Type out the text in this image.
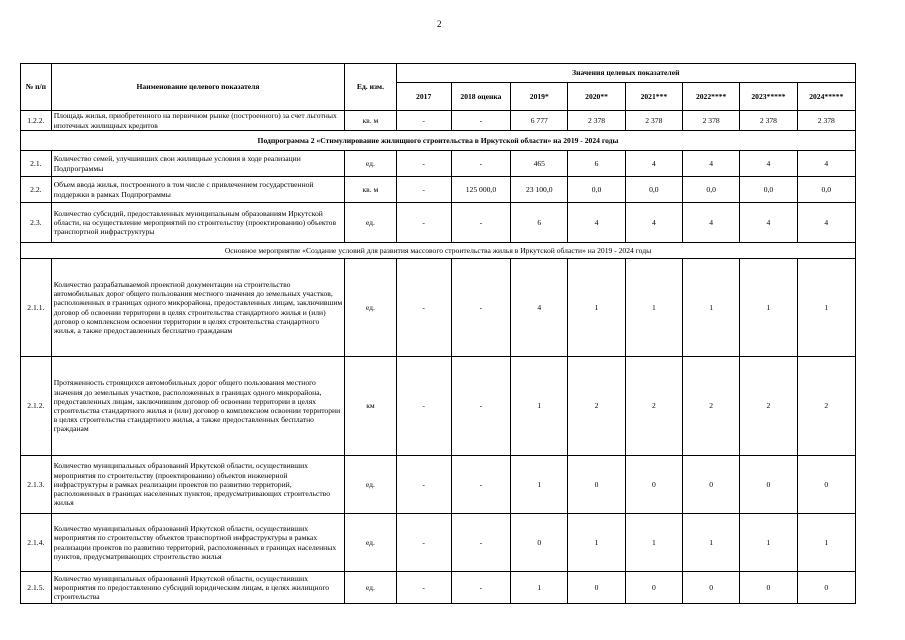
2
№ п/п	Наименование целевого показателя	Ед. изм.	Значения целевых показателей							
			2017	2018 оценка	2019*	2020**	2021***	2022****	2023*****	2024*****
1.2.2.	Площадь жилья, приобретенного на первичном рынке (построенного) за счет льготных ипотечных жилищных кредитов	кв. м	-	-	6 777	2 378	2 378	2 378	2 378	2 378
Подпрограмма 2 «Стимулирование жилищного строительства в Иркутской области» на 2019 - 2024 годы										
2.1.	Количество семей, улучшивших свои жилищные условия в ходе реализации Подпрограммы	ед.	-	-	465	6	4	4	4	4
2.2.	Объем ввода жилья, построенного в том числе с привлечением государственной поддержки в рамках Подпрограммы	кв. м	-	125 000,0	23 100,0	0,0	0,0	0,0	0,0	0,0
2.3.	Количество субсидий, предоставленных муниципальным образованиям Иркутской области, на осуществление мероприятий по строительству (проектированию) объектов транспортной инфраструктуры	ед.	-	-	6	4	4	4	4	4
Основное мероприятие «Создание условий для развития массового строительства жилья в Иркутской области» на 2019 - 2024 годы										
2.1.1.	Количество разрабатываемой проектной документации на строительство автомобильных дорог общего пользования местного значения до земельных участков, расположенных в границах одного микрорайона, предоставленных лицам, заключившим договор об освоении территории в целях строительства стандартного жилья и (или) договор о комплексном освоении территории в целях строительства стандартного жилья, а также предоставленных бесплатно гражданам	ед.	-	-	4	1	1	1	1	1
2.1.2.	Протяженность строящихся автомобильных дорог общего пользования местного значения до земельных участков, расположенных в границах одного микрорайона, предоставленных лицам, заключившим договор об освоении территории в целях строительства стандартного жилья и (или) договор о комплексном освоении территории в целях строительства стандартного жилья, а также предоставленных бесплатно гражданам	км	-	-	1	2	2	2	2	2
2.1.3.	Количество муниципальных образований Иркутской области, осуществивших мероприятия по строительству (проектированию) объектов инженерной инфраструктуры в рамках реализации проектов по развитию территорий, расположенных в границах населенных пунктов, предусматривающих строительство жилья	ед.	-	-	1	0	0	0	0	0
2.1.4.	Количество муниципальных образований Иркутской области, осуществивших мероприятия по строительству объектов транспортной инфраструктуры в рамках реализации проектов по развитию территорий, расположенных в границах населенных пунктов, предусматривающих строительство жилья	ед.	-	-	0	1	1	1	1	1
2.1.5.	Количество муниципальных образований Иркутской области, осуществивших мероприятия по предоставлению субсидий юридическим лицам, в целях жилищного строительства	ед.	-	-	1	0	0	0	0	0
